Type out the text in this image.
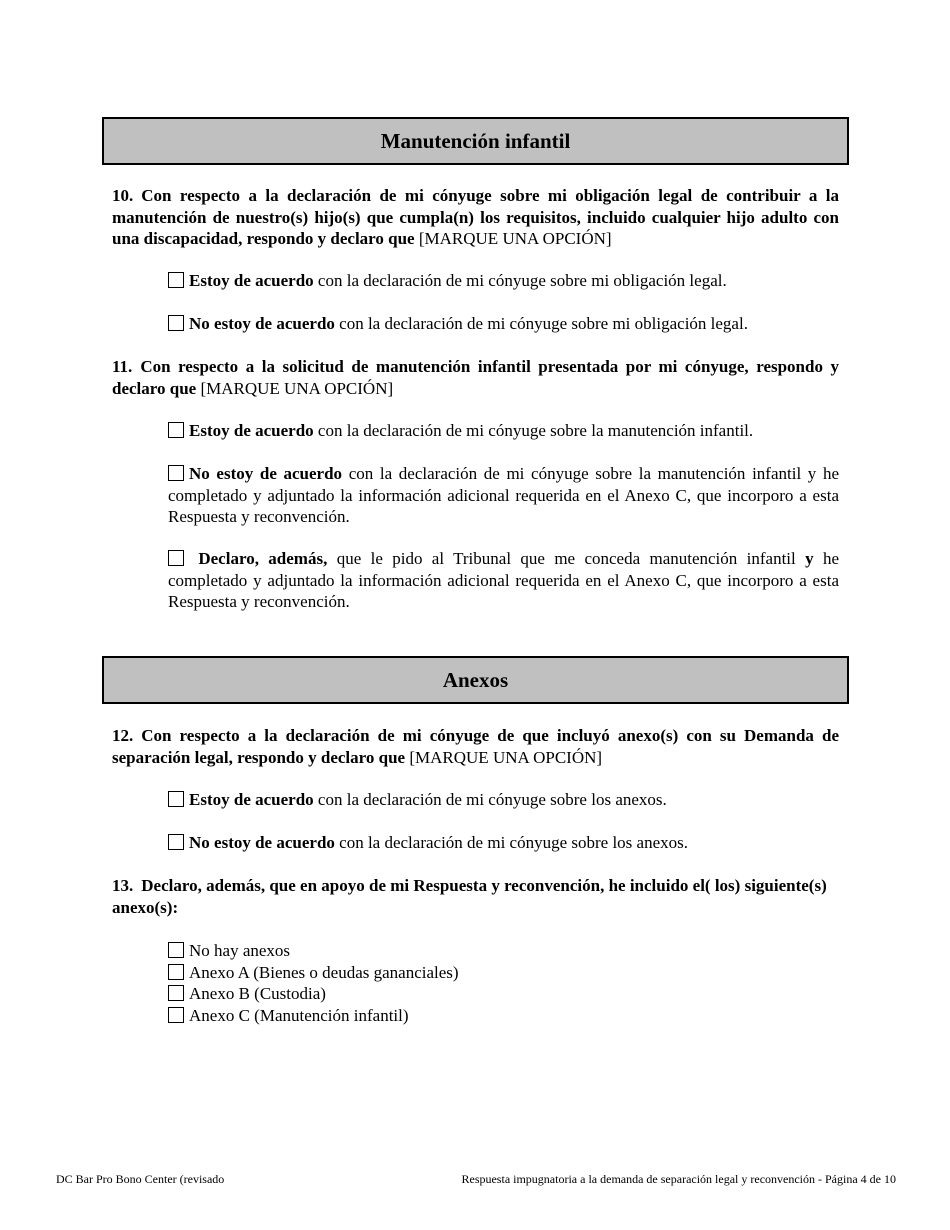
Manutención infantil
10. Con respecto a la declaración de mi cónyuge sobre mi obligación legal de contribuir a la manutención de nuestro(s) hijo(s) que cumpla(n) los requisitos, incluido cualquier hijo adulto con una discapacidad, respondo y declaro que [MARQUE UNA OPCIÓN]
Estoy de acuerdo con la declaración de mi cónyuge sobre mi obligación legal.
No estoy de acuerdo con la declaración de mi cónyuge sobre mi obligación legal.
11. Con respecto a la solicitud de manutención infantil presentada por mi cónyuge, respondo y declaro que [MARQUE UNA OPCIÓN]
Estoy de acuerdo con la declaración de mi cónyuge sobre la manutención infantil.
No estoy de acuerdo con la declaración de mi cónyuge sobre la manutención infantil y he completado y adjuntado la información adicional requerida en el Anexo C, que incorporo a esta Respuesta y reconvención.
Declaro, además, que le pido al Tribunal que me conceda manutención infantil y he completado y adjuntado la información adicional requerida en el Anexo C, que incorporo a esta Respuesta y reconvención.
Anexos
12. Con respecto a la declaración de mi cónyuge de que incluyó anexo(s) con su Demanda de separación legal, respondo y declaro que [MARQUE UNA OPCIÓN]
Estoy de acuerdo con la declaración de mi cónyuge sobre los anexos.
No estoy de acuerdo con la declaración de mi cónyuge sobre los anexos.
13. Declaro, además, que en apoyo de mi Respuesta y reconvención, he incluido el( los) siguiente(s) anexo(s):
No hay anexos
Anexo A (Bienes o deudas gananciales)
Anexo B (Custodia)
Anexo C (Manutención infantil)
DC Bar Pro Bono Center (revisado	Respuesta impugnatoria a la demanda de separación legal y reconvención - Página 4 de 10
